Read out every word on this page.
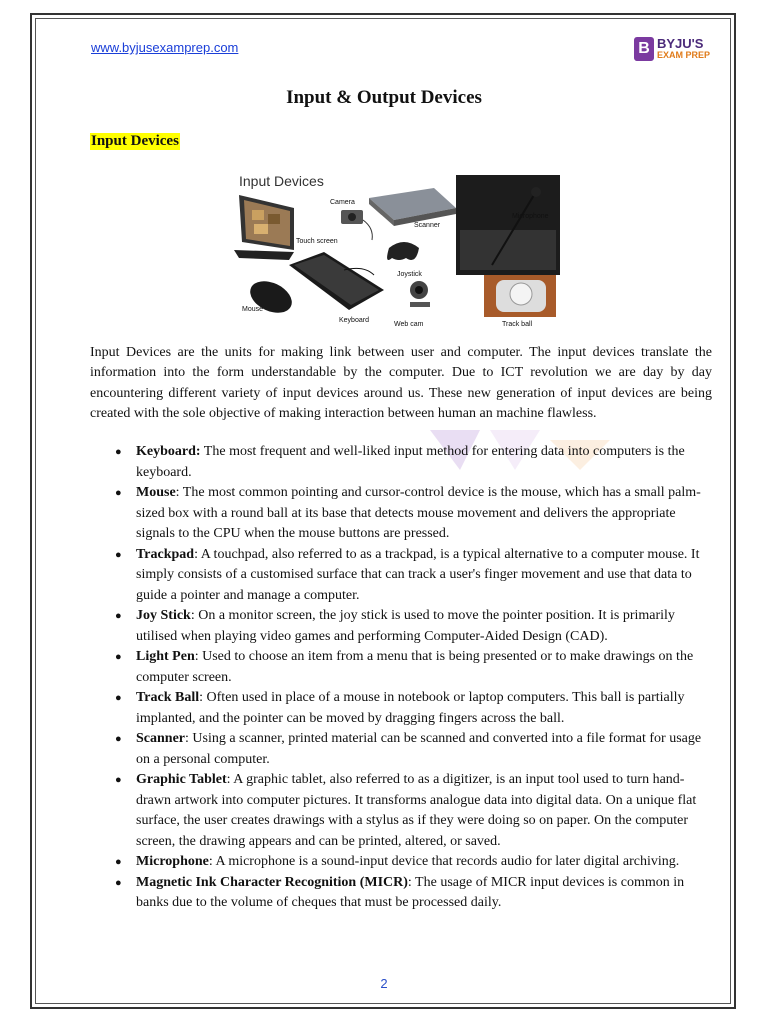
www.byjusexamprep.com	B BYJU'S
EXAM PREP
Input & Output Devices
Input Devices
Input Devices
Camera
Scanner
Microphone
Touch screen
Joystick
Mouse
Keyboard
Web cam	Track ball

Input Devices are the units for making link between user and computer. The input devices translate the information into the form understandable by the computer. Due to ICT revolution we are day by day encountering different variety of input devices around us. These new generation of input devices are being created with the sole objective of making interaction between human an machine flawless.

● Keyboard: The most frequent and well-liked input method for entering data into computers is the keyboard.
● Mouse: The most common pointing and cursor-control device is the mouse, which has a small palm-sized box with a round ball at its base that detects mouse movement and delivers the appropriate signals to the CPU when the mouse buttons are pressed.
● Trackpad: A touchpad, also referred to as a trackpad, is a typical alternative to a computer mouse. It simply consists of a customised surface that can track a user's finger movement and use that data to guide a pointer and manage a computer.
● Joy Stick: On a monitor screen, the joy stick is used to move the pointer position. It is primarily utilised when playing video games and performing Computer-Aided Design (CAD).
● Light Pen: Used to choose an item from a menu that is being presented or to make drawings on the computer screen.
● Track Ball: Often used in place of a mouse in notebook or laptop computers. This ball is partially implanted, and the pointer can be moved by dragging fingers across the ball.
● Scanner: Using a scanner, printed material can be scanned and converted into a file format for usage on a personal computer.
● Graphic Tablet: A graphic tablet, also referred to as a digitizer, is an input tool used to turn hand-drawn artwork into computer pictures. It transforms analogue data into digital data. On a unique flat surface, the user creates drawings with a stylus as if they were doing so on paper. On the computer screen, the drawing appears and can be printed, altered, or saved.
● Microphone: A microphone is a sound-input device that records audio for later digital archiving.
● Magnetic Ink Character Recognition (MICR): The usage of MICR input devices is common in banks due to the volume of cheques that must be processed daily.
2
